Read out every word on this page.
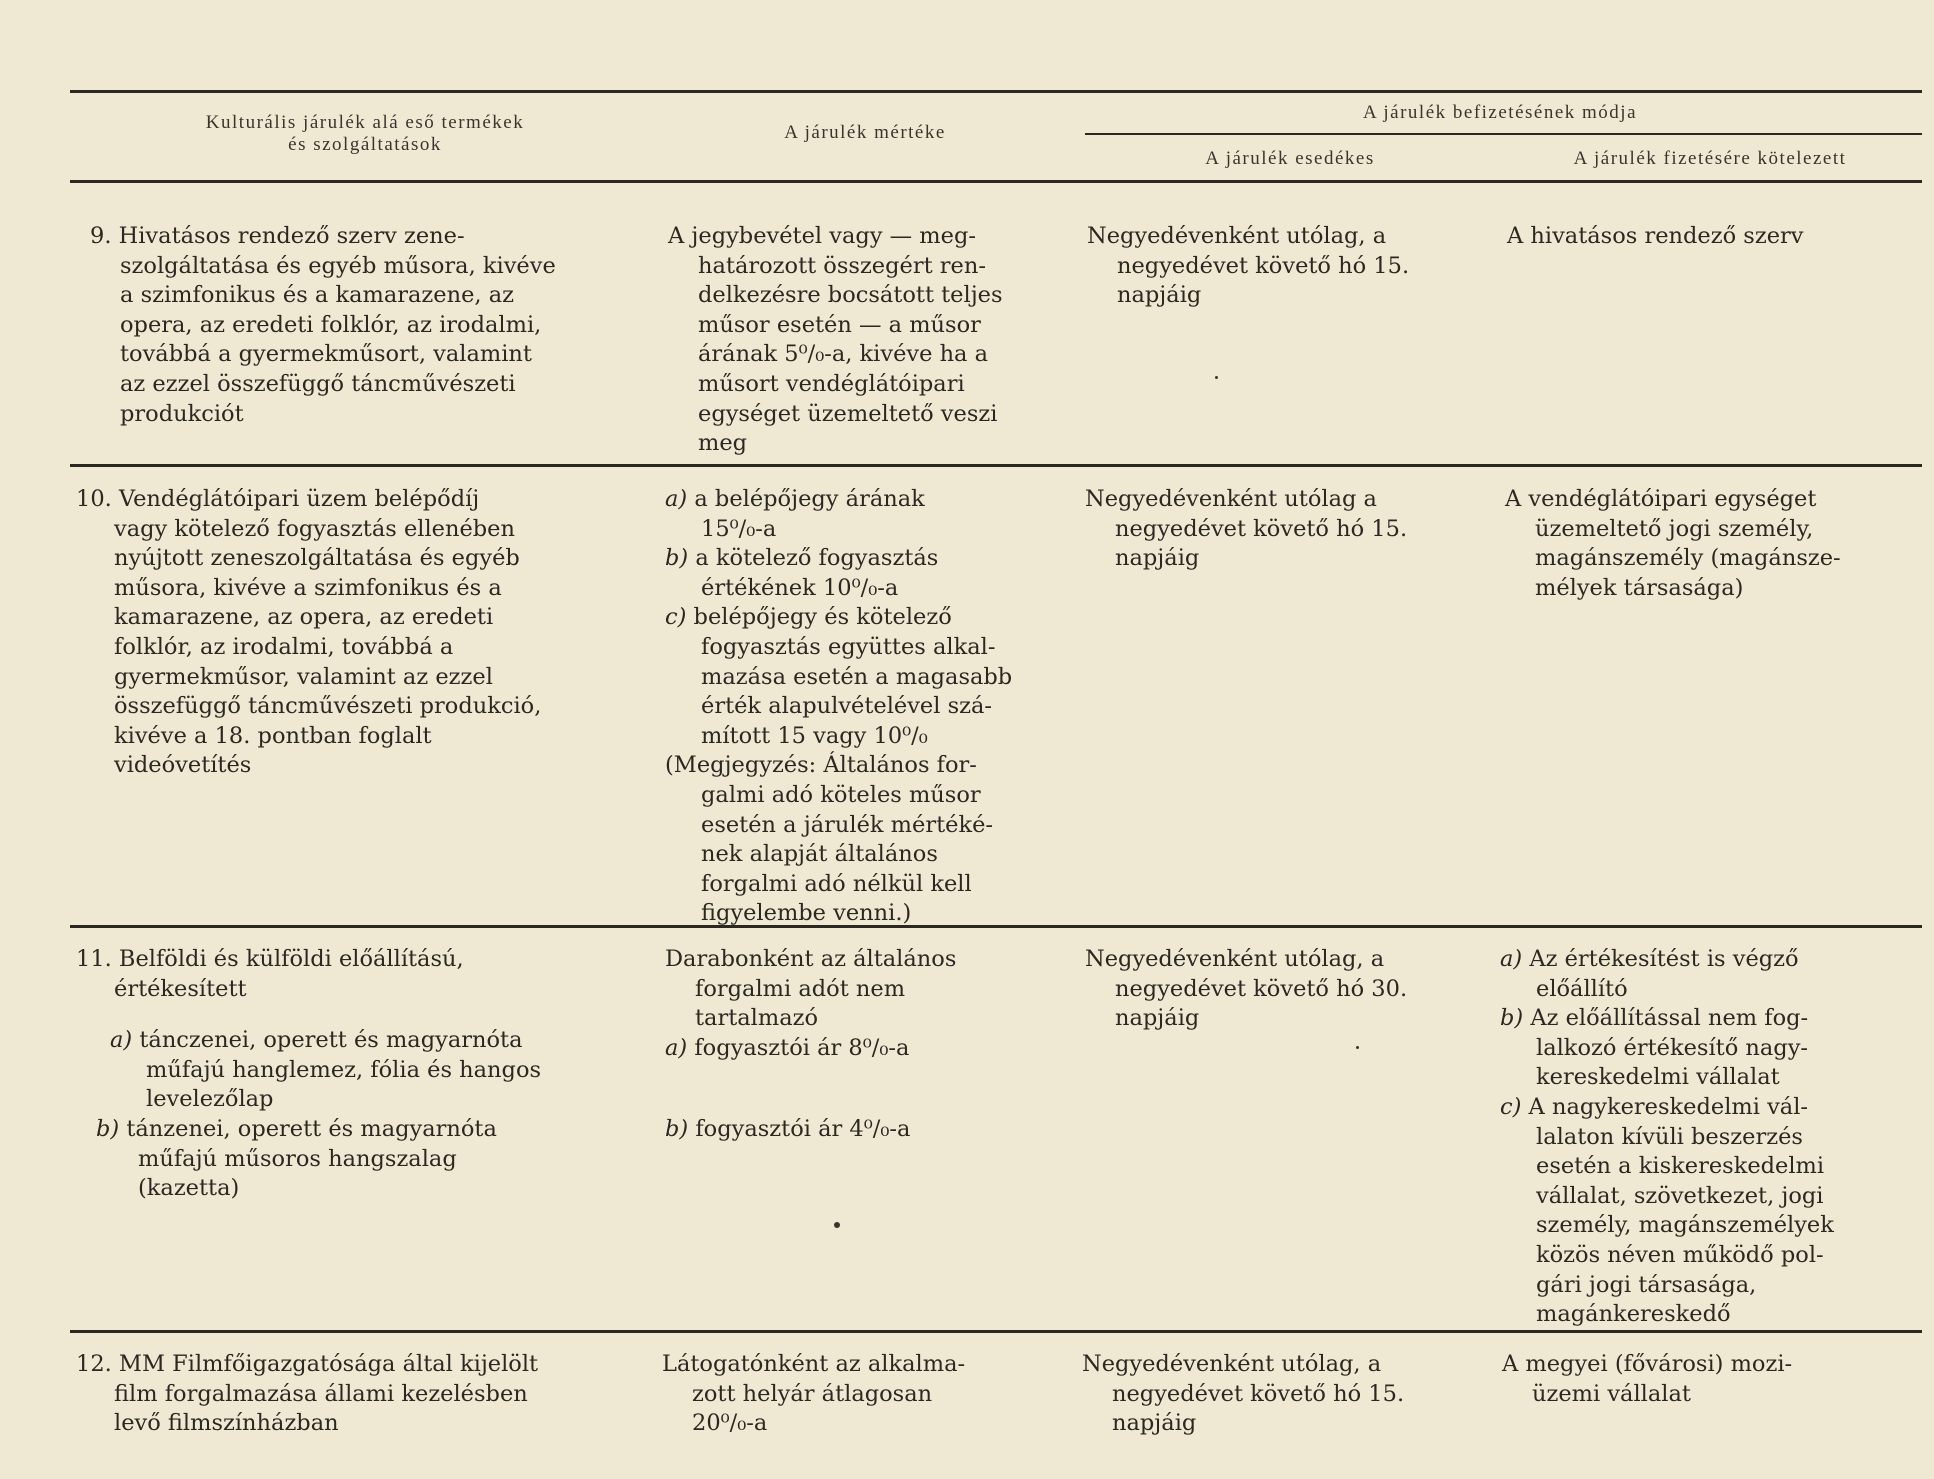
Kulturális járulék alá eső termékek
és szolgáltatások
A járulék mértéke
A járulék befizetésének módja
A járulék esedékes	A járulék fizetésére kötelezett
9. Hivatásos rendező szerv zene-
szolgáltatása és egyéb műsora, kivéve
a szimfonikus és a kamarazene, az
opera, az eredeti folklór, az irodalmi,
továbbá a gyermekműsort, valamint
az ezzel összefüggő táncművészeti
produkciót
A jegybevétel vagy — meg-
határozott összegért ren-
delkezésre bocsátott teljes
műsor esetén — a műsor
árának 5⁰/₀-a, kivéve ha a
műsort vendéglátóipari
egységet üzemeltető veszi
meg
Negyedévenként utólag, a
negyedévet követő hó 15.
napjáig
A hivatásos rendező szerv
10. Vendéglátóipari üzem belépődíj
vagy kötelező fogyasztás ellenében
nyújtott zeneszolgáltatása és egyéb
műsora, kivéve a szimfonikus és a
kamarazene, az opera, az eredeti
folklór, az irodalmi, továbbá a
gyermekműsor, valamint az ezzel
összefüggő táncművészeti produkció,
kivéve a 18. pontban foglalt
videóvetítés
a) a belépőjegy árának
15⁰/₀-a
b) a kötelező fogyasztás
értékének 10⁰/₀-a
c) belépőjegy és kötelező
fogyasztás együttes alkal-
mazása esetén a magasabb
érték alapulvételével szá-
mított 15 vagy 10⁰/₀
(Megjegyzés: Általános for-
galmi adó köteles műsor
esetén a járulék mértéké-
nek alapját általános
forgalmi adó nélkül kell
figyelembe venni.)
Negyedévenként utólag a
negyedévet követő hó 15.
napjáig
A vendéglátóipari egységet
üzemeltető jogi személy,
magánszemély (magánsze-
mélyek társasága)
11. Belföldi és külföldi előállítású,
értékesített
a) tánczenei, operett és magyarnóta
műfajú hanglemez, fólia és hangos
levelezőlap
b) tánzenei, operett és magyarnóta
műfajú műsoros hangszalag
(kazetta)
Darabonként az általános
forgalmi adót nem
tartalmazó
a) fogyasztói ár 8⁰/₀-a
b) fogyasztói ár 4⁰/₀-a
Negyedévenként utólag, a
negyedévet követő hó 30.
napjáig
a) Az értékesítést is végző
előállító
b) Az előállítással nem fog-
lalkozó értékesítő nagy-
kereskedelmi vállalat
c) A nagykereskedelmi vál-
lalaton kívüli beszerzés
esetén a kiskereskedelmi
vállalat, szövetkezet, jogi
személy, magánszemélyek
közös néven működő pol-
gári jogi társasága,
magánkereskedő
12. MM Filmfőigazgatósága által kijelölt
film forgalmazása állami kezelésben
levő filmszínházban
Látogatónként az alkalma-
zott helyár átlagosan
20⁰/₀-a
Negyedévenként utólag, a
negyedévet követő hó 15.
napjáig
A megyei (fővárosi) mozi-
üzemi vállalat
